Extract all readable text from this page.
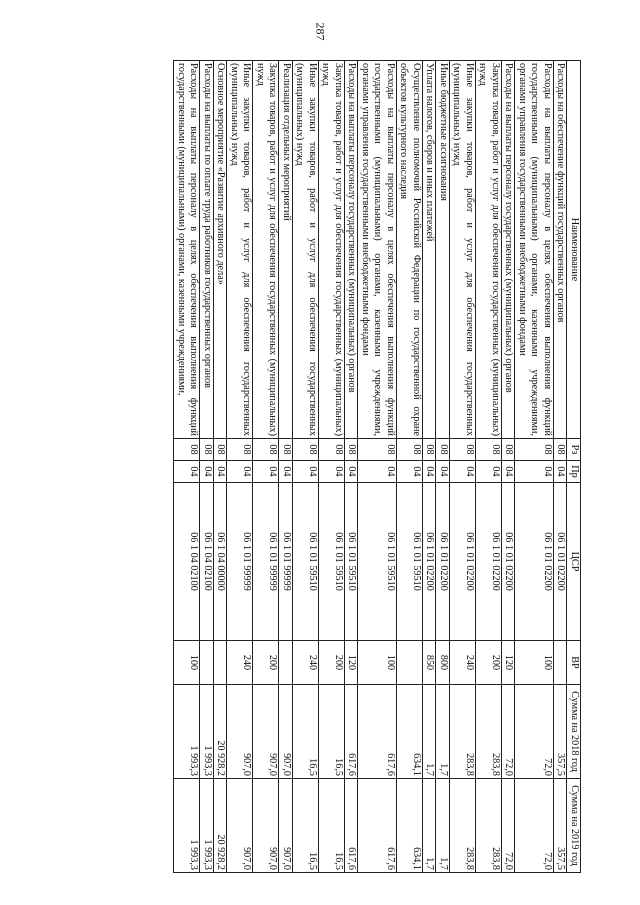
287
Наименование	Рз	Пр	ЦСР	ВР	Сумма на 2018 год	Сумма на 2019 год
Расходы на обеспечение функций государственных органов	08	04	06 1 01 02200		357,5	357,5
Расходы на выплаты персоналу в целях обеспечения выполнения функций государственными (муниципальными) органами, казенными учреждениями, органами управления государственными внебюджетными фондами	08	04	06 1 01 02200	100	72,0	72,0
Расходы на выплаты персоналу государственных (муниципальных) органов	08	04	06 1 01 02200	120	72,0	72,0
Закупка товаров, работ и услуг для обеспечения государственных (муниципальных) нужд	08	04	06 1 01 02200	200	283,8	283,8
Иные закупки товаров, работ и услуг для обеспечения государственных (муниципальных) нужд	08	04	06 1 01 02200	240	283,8	283,8
Иные бюджетные ассигнования	08	04	06 1 01 02200	800	1,7	1,7
Уплата налогов, сборов и иных платежей	08	04	06 1 01 02200	850	1,7	1,7
Осуществление полномочий Российской Федерации по государственной охране объектов культурного наследия	08	04	06 1 01 59510		634,1	634,1
Расходы на выплаты персоналу в целях обеспечения выполнения функций государственными (муниципальными) органами, казенными учреждениями, органами управления государственными внебюджетными фондами	08	04	06 1 01 59510	100	617,6	617,6
Расходы на выплаты персоналу государственных (муниципальных) органов	08	04	06 1 01 59510	120	617,6	617,6
Закупка товаров, работ и услуг для обеспечения государственных (муниципальных) нужд	08	04	06 1 01 59510	200	16,5	16,5
Иные закупки товаров, работ и услуг для обеспечения государственных (муниципальных) нужд	08	04	06 1 01 59510	240	16,5	16,5
Реализация отдельных мероприятий	08	04	06 1 01 99999		907,0	907,0
Закупка товаров, работ и услуг для обеспечения государственных (муниципальных) нужд	08	04	06 1 01 99999	200	907,0	907,0
Иные закупки товаров, работ и услуг для обеспечения государственных (муниципальных) нужд	08	04	06 1 01 99999	240	907,0	907,0
Основное мероприятие «Развитие архивного дела»	08	04	06 1 04 00000		20 928,2	20 928,2
Расходы на выплаты по оплате труда работников государственных органов	08	04	06 1 04 02100		1 993,3	1 993,3
Расходы на выплаты персоналу в целях обеспечения выполнения функций государственными (муниципальными) органами, казенными учреждениями,	08	04	06 1 04 02100	100	1 993,3	1 993,3
